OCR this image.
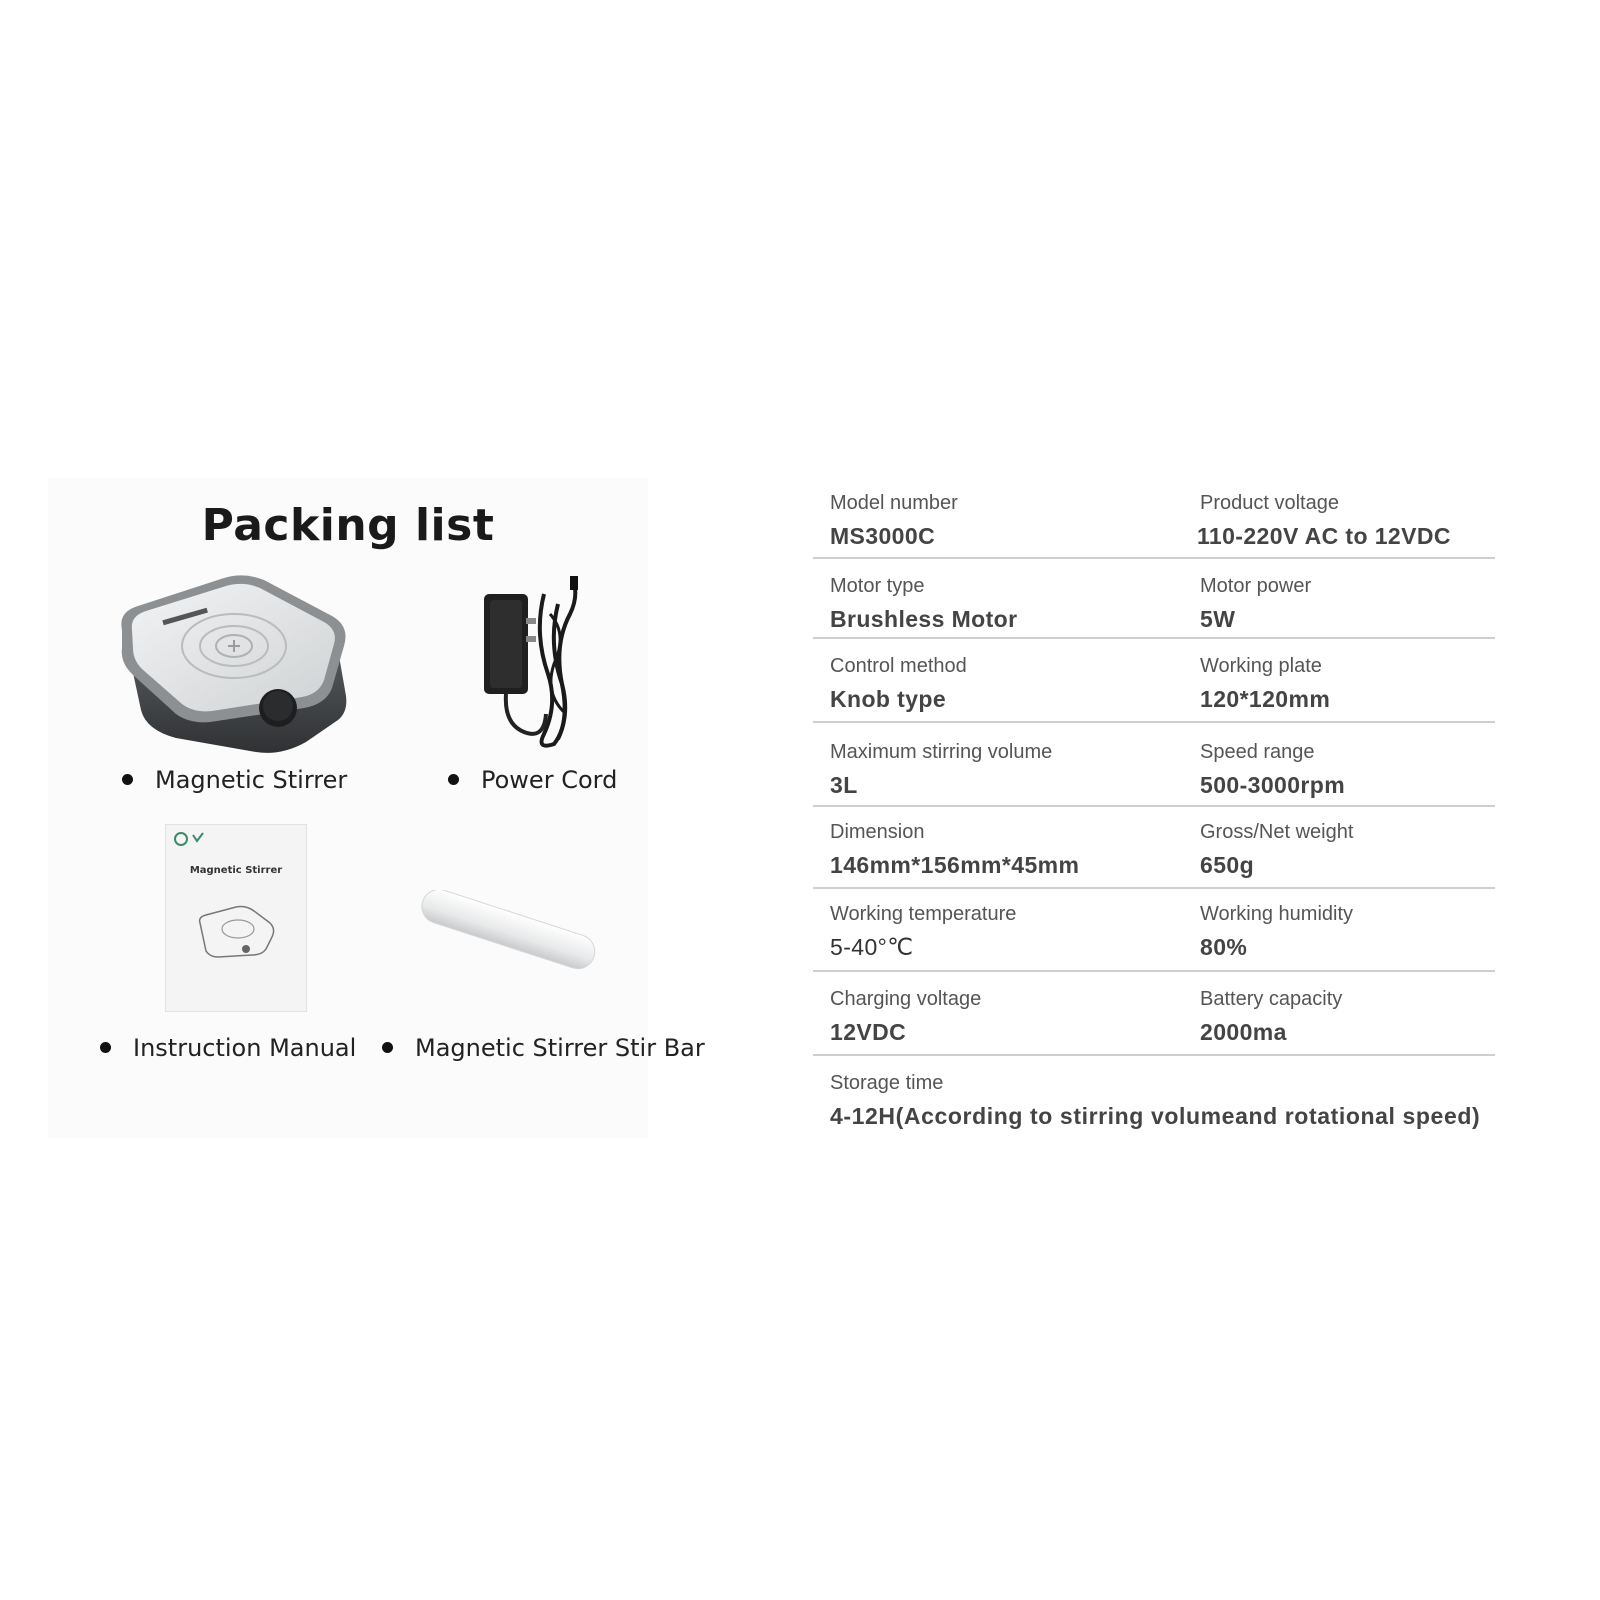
Packing list
Magnetic Stirrer	Power Cord
Magnetic Stirrer
Instruction Manual	Magnetic Stirrer Stir Bar
Model number
MS3000C
Product voltage
110-220V AC to 12VDC
Motor type
Brushless Motor
Motor power
5W
Control method
Knob type
Working plate
120*120mm
Maximum stirring volume
3L
Speed range
500-3000rpm
Dimension
146mm*156mm*45mm
Gross/Net weight
650g
Working temperature
5-40°℃
Working humidity
80%
Charging voltage
12VDC
Battery capacity
2000ma
Storage time
4-12H(According to stirring volumeand rotational speed)
